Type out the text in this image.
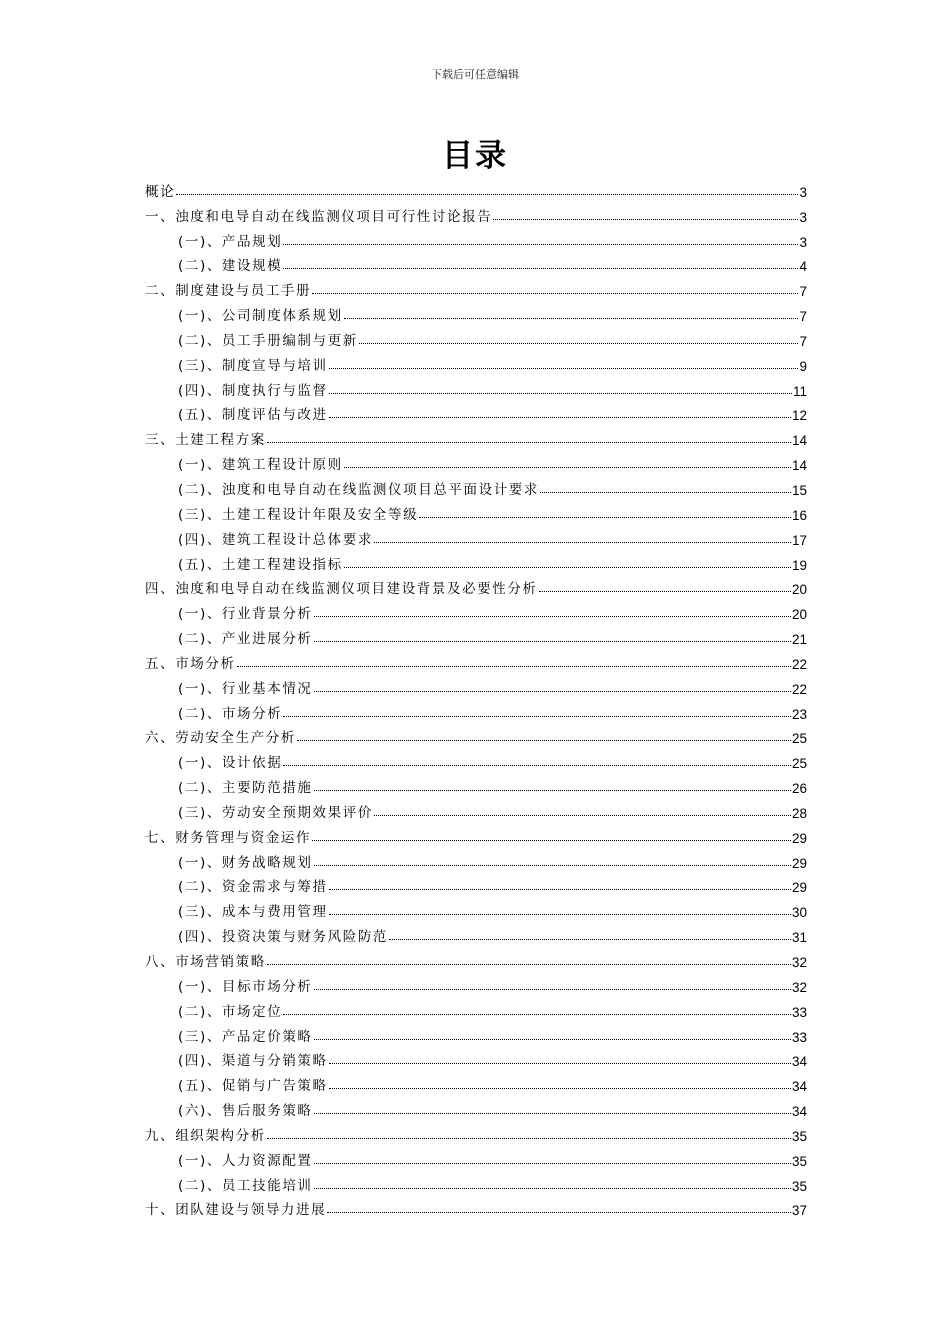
下载后可任意编辑
目录
概论	3
一、浊度和电导自动在线监测仪项目可行性讨论报告	3
(一)、产品规划	3
(二)、建设规模	4
二、制度建设与员工手册	7
(一)、公司制度体系规划	7
(二)、员工手册编制与更新	7
(三)、制度宣导与培训	9
(四)、制度执行与监督	11
(五)、制度评估与改进	12
三、土建工程方案	14
(一)、建筑工程设计原则	14
(二)、浊度和电导自动在线监测仪项目总平面设计要求	15
(三)、土建工程设计年限及安全等级	16
(四)、建筑工程设计总体要求	17
(五)、土建工程建设指标	19
四、浊度和电导自动在线监测仪项目建设背景及必要性分析	20
(一)、行业背景分析	20
(二)、产业进展分析	21
五、市场分析	22
(一)、行业基本情况	22
(二)、市场分析	23
六、劳动安全生产分析	25
(一)、设计依据	25
(二)、主要防范措施	26
(三)、劳动安全预期效果评价	28
七、财务管理与资金运作	29
(一)、财务战略规划	29
(二)、资金需求与筹措	29
(三)、成本与费用管理	30
(四)、投资决策与财务风险防范	31
八、市场营销策略	32
(一)、目标市场分析	32
(二)、市场定位	33
(三)、产品定价策略	33
(四)、渠道与分销策略	34
(五)、促销与广告策略	34
(六)、售后服务策略	34
九、组织架构分析	35
(一)、人力资源配置	35
(二)、员工技能培训	35
十、团队建设与领导力进展	37
